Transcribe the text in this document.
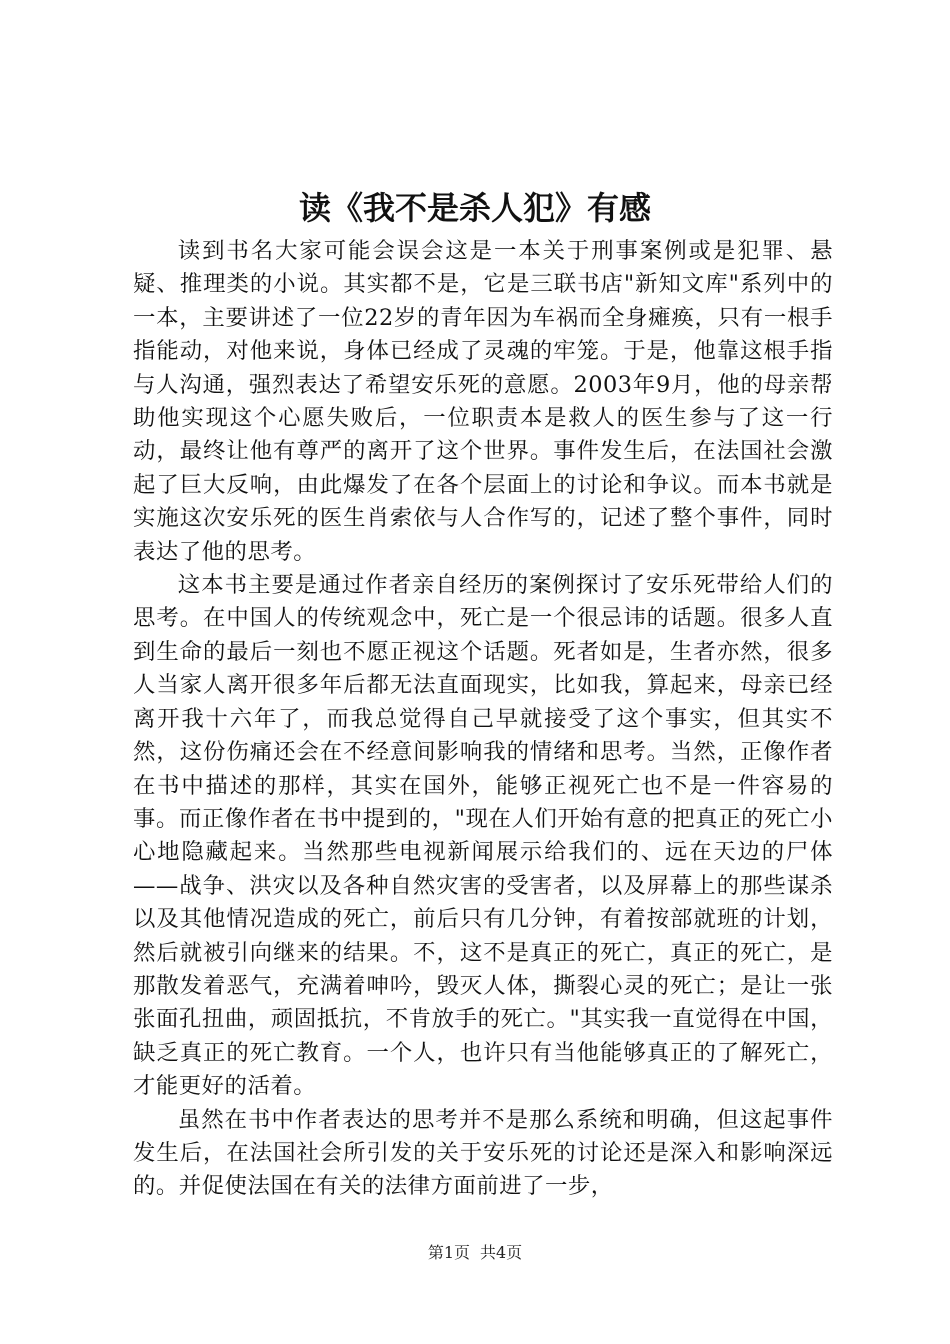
读《我不是杀人犯》有感

读到书名大家可能会误会这是一本关于刑事案例或是犯罪、悬疑、推理类的小说。其实都不是，它是三联书店"新知文库"系列中的一本，主要讲述了一位22岁的青年因为车祸而全身瘫痪，只有一根手指能动，对他来说，身体已经成了灵魂的牢笼。于是，他靠这根手指与人沟通，强烈表达了希望安乐死的意愿。2003年9月，他的母亲帮助他实现这个心愿失败后，一位职责本是救人的医生参与了这一行动，最终让他有尊严的离开了这个世界。事件发生后，在法国社会激起了巨大反响，由此爆发了在各个层面上的讨论和争议。而本书就是实施这次安乐死的医生肖索依与人合作写的，记述了整个事件，同时表达了他的思考。

这本书主要是通过作者亲自经历的案例探讨了安乐死带给人们的思考。在中国人的传统观念中，死亡是一个很忌讳的话题。很多人直到生命的最后一刻也不愿正视这个话题。死者如是，生者亦然，很多人当家人离开很多年后都无法直面现实，比如我，算起来，母亲已经离开我十六年了，而我总觉得自己早就接受了这个事实，但其实不然，这份伤痛还会在不经意间影响我的情绪和思考。当然，正像作者在书中描述的那样，其实在国外，能够正视死亡也不是一件容易的事。而正像作者在书中提到的，"现在人们开始有意的把真正的死亡小心地隐藏起来。当然那些电视新闻展示给我们的、远在天边的尸体——战争、洪灾以及各种自然灾害的受害者，以及屏幕上的那些谋杀以及其他情况造成的死亡，前后只有几分钟，有着按部就班的计划，然后就被引向继来的结果。不，这不是真正的死亡，真正的死亡，是那散发着恶气，充满着呻吟，毁灭人体，撕裂心灵的死亡；是让一张张面孔扭曲，顽固抵抗，不肯放手的死亡。"其实我一直觉得在中国，缺乏真正的死亡教育。一个人，也许只有当他能够真正的了解死亡，才能更好的活着。

虽然在书中作者表达的思考并不是那么系统和明确，但这起事件发生后，在法国社会所引发的关于安乐死的讨论还是深入和影响深远的。并促使法国在有关的法律方面前进了一步，

第1页 共4页
